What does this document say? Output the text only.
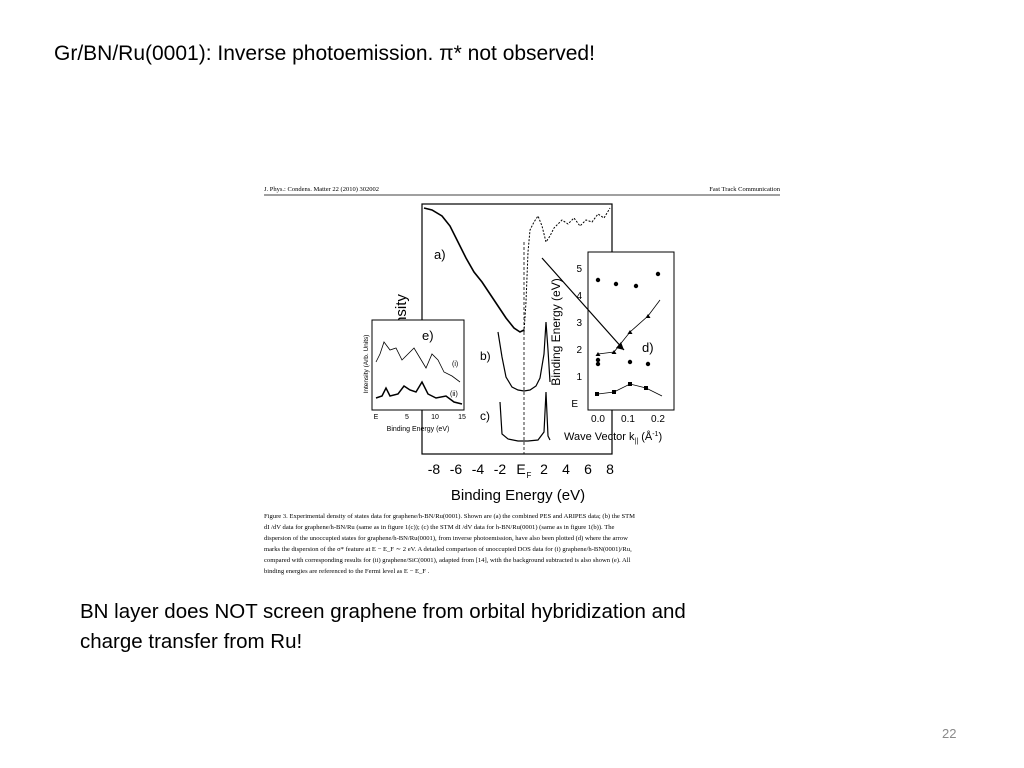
Gr/BN/Ru(0001): Inverse photoemission. π* not observed!
J. Phys.: Condens. Matter 22 (2010) 302002	Fast Track Communication
a)
b)
c)
-8 -6 -4 -2 E F 2 4 6 8
Binding Energy (eV)
e)
Intensity (Arb. Units)	(i)
(ii)
E	5	10	15
Binding Energy (eV)
Binding Energy (eV)
5
4
3
2
1
E
d)
0.0 0.1 0.2
Wave Vector $k_{||}$ $(Å^{-1})$
Figure 3. Experimental density of states data for graphene/h-BN/Ru(0001). Shown are (a) the combined PES and ARIPES data; (b) the STM
dI /dV data for graphene/h-BN/Ru (same as in figure 1(c)); (c) the STM dI /dV data for h-BN/Ru(0001) (same as in figure 1(b)). The
dispersion of the unoccupied states for graphene/h-BN/Ru(0001), from inverse photoemission, have also been plotted (d) where the arrow
marks the dispersion of the σ* feature at E − E_F ∼ 2 eV. A detailed comparison of unoccupied DOS data for (i) graphene/h-BN(0001)/Ru,
compared with corresponding results for (ii) graphene/SiC(0001), adapted from [14], with the background subtracted is also shown (e). All
binding energies are referenced to the Fermi level as E − E_F .
BN layer does NOT screen graphene from orbital hybridization and
charge transfer from Ru!
22
